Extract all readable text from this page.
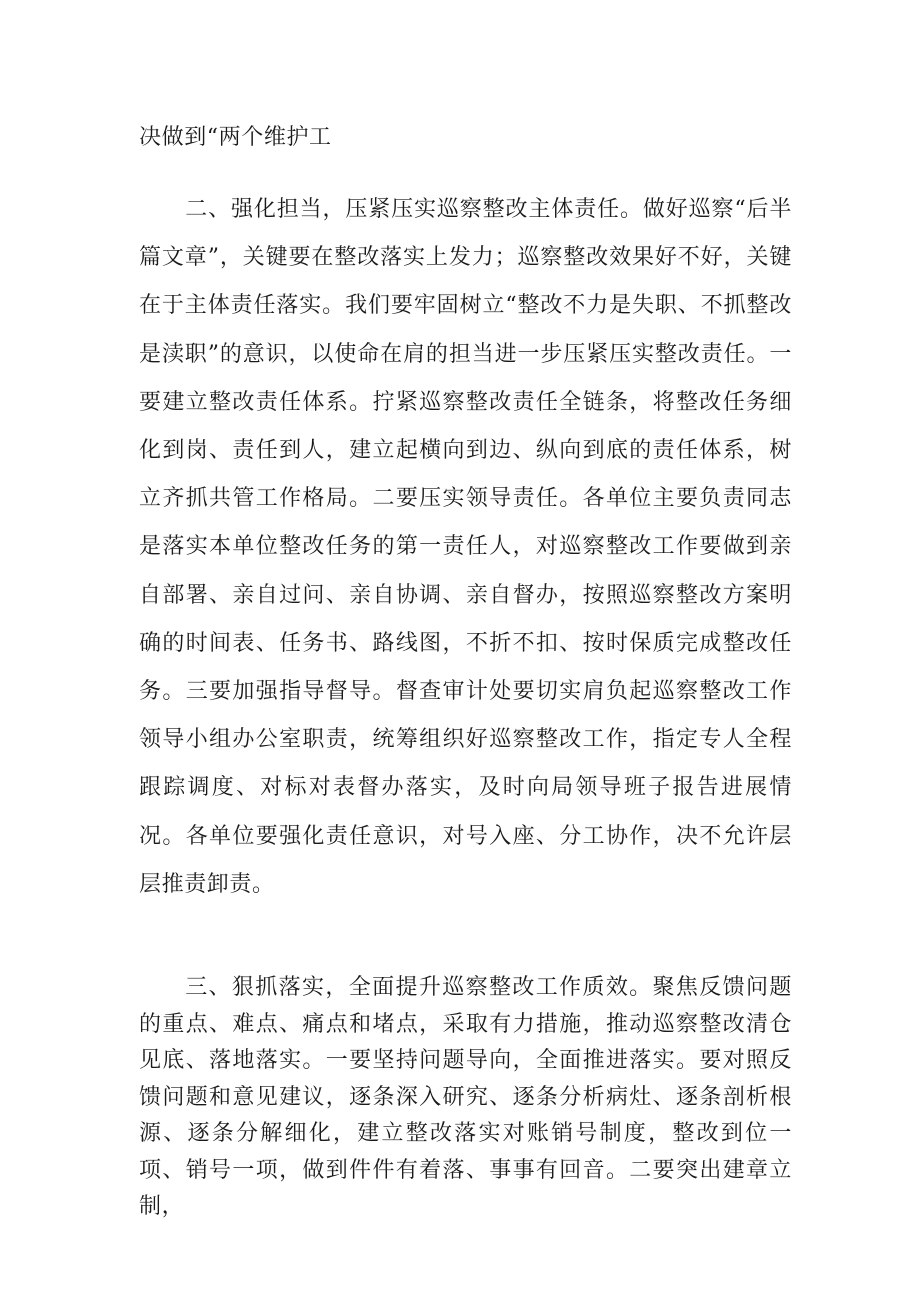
决做到“两个维护工

二、强化担当，压紧压实巡察整改主体责任。做好巡察“后半篇文章”，关键要在整改落实上发力；巡察整改效果好不好，关键在于主体责任落实。我们要牢固树立“整改不力是失职、不抓整改是渎职”的意识，以使命在肩的担当进一步压紧压实整改责任。一要建立整改责任体系。拧紧巡察整改责任全链条，将整改任务细化到岗、责任到人，建立起横向到边、纵向到底的责任体系，树立齐抓共管工作格局。二要压实领导责任。各单位主要负责同志是落实本单位整改任务的第一责任人，对巡察整改工作要做到亲自部署、亲自过问、亲自协调、亲自督办，按照巡察整改方案明确的时间表、任务书、路线图，不折不扣、按时保质完成整改任务。三要加强指导督导。督查审计处要切实肩负起巡察整改工作领导小组办公室职责，统筹组织好巡察整改工作，指定专人全程跟踪调度、对标对表督办落实，及时向局领导班子报告进展情况。各单位要强化责任意识，对号入座、分工协作，决不允许层层推责卸责。

三、狠抓落实，全面提升巡察整改工作质效。聚焦反馈问题的重点、难点、痛点和堵点，采取有力措施，推动巡察整改清仓见底、落地落实。一要坚持问题导向，全面推进落实。要对照反馈问题和意见建议，逐条深入研究、逐条分析病灶、逐条剖析根源、逐条分解细化，建立整改落实对账销号制度，整改到位一项、销号一项，做到件件有着落、事事有回音。二要突出建章立制，
